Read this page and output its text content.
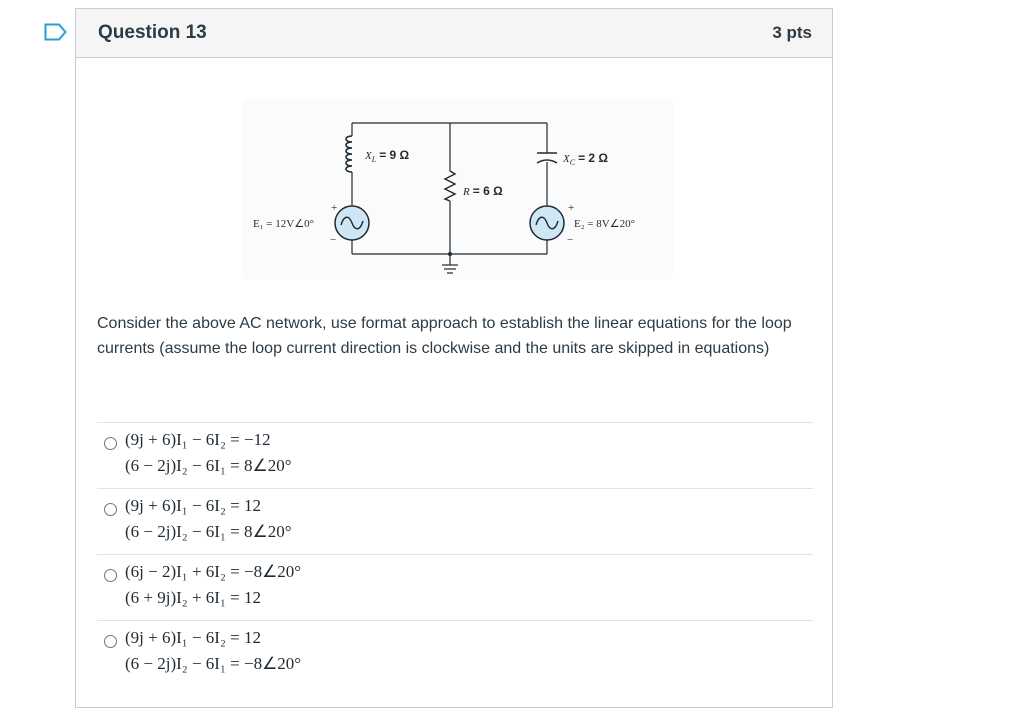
Question 13	3 pts
$X_L = 9$ Ω	$X_C = 2$ Ω
R = 6 Ω
E₁ = 12V∠0°	E₂ = 8V∠20°
+
−
+
−
Consider the above AC network, use format approach to establish the linear equations for the loop currents (assume the loop current direction is clockwise and the units are skipped in equations)
(9j + 6)I₁ − 6I₂ = −12
(6 − 2j)I₂ − 6I₁ = 8∠20°
(9j + 6)I₁ − 6I₂ = 12
(6 − 2j)I₂ − 6I₁ = 8∠20°
(6j − 2)I₁ + 6I₂ = −8∠20°
(6 + 9j)I₂ + 6I₁ = 12
(9j + 6)I₁ − 6I₂ = 12
(6 − 2j)I₂ − 6I₁ = −8∠20°
